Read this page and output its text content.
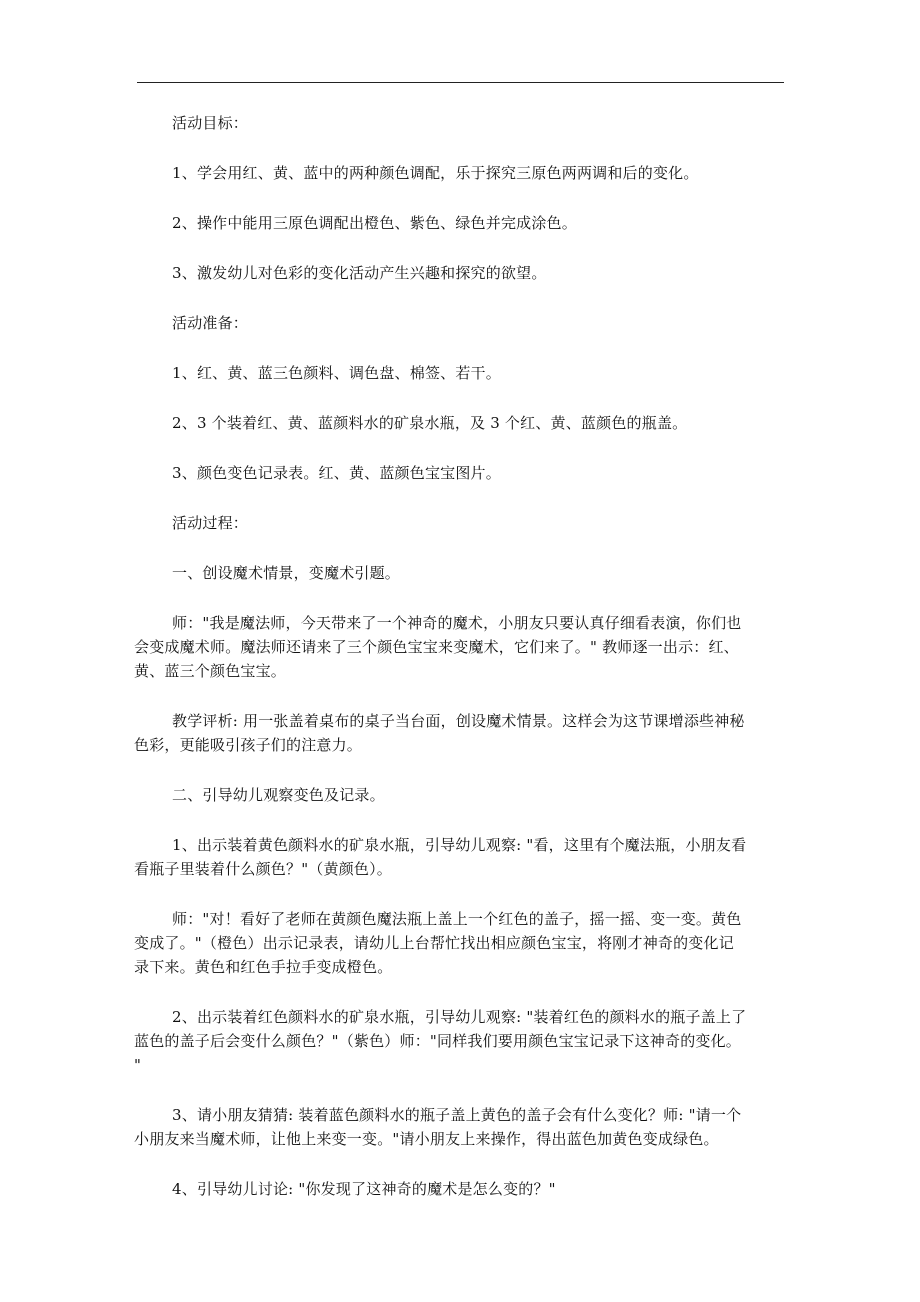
活动目标：

1、学会用红、黄、蓝中的两种颜色调配，乐于探究三原色两两调和后的变化。

2、操作中能用三原色调配出橙色、紫色、绿色并完成涂色。

3、激发幼儿对色彩的变化活动产生兴趣和探究的欲望。

活动准备：

1、红、黄、蓝三色颜料、调色盘、棉签、若干。

2、3 个装着红、黄、蓝颜料水的矿泉水瓶，及 3 个红、黄、蓝颜色的瓶盖。

3、颜色变色记录表。红、黄、蓝颜色宝宝图片。

活动过程：

一、创设魔术情景，变魔术引题。

师："我是魔法师，今天带来了一个神奇的魔术，小朋友只要认真仔细看表演，你们也

会变成魔术师。魔法师还请来了三个颜色宝宝来变魔术，它们来了。" 教师逐一出示：红、

黄、蓝三个颜色宝宝。

教学评析: 用一张盖着桌布的桌子当台面，创设魔术情景。这样会为这节课增添些神秘

色彩，更能吸引孩子们的注意力。

二、引导幼儿观察变色及记录。

1、出示装着黄色颜料水的矿泉水瓶，引导幼儿观察: "看，这里有个魔法瓶，小朋友看

看瓶子里装着什么颜色？"（黄颜色）。

师："对！看好了老师在黄颜色魔法瓶上盖上一个红色的盖子，摇一摇、变一变。黄色

变成了。"（橙色）出示记录表，请幼儿上台帮忙找出相应颜色宝宝，将刚才神奇的变化记

录下来。黄色和红色手拉手变成橙色。

2、出示装着红色颜料水的矿泉水瓶，引导幼儿观察: "装着红色的颜料水的瓶子盖上了

蓝色的盖子后会变什么颜色？"（紫色）师："同样我们要用颜色宝宝记录下这神奇的变化。

"

3、请小朋友猜猜: 装着蓝色颜料水的瓶子盖上黄色的盖子会有什么变化？师: "请一个

小朋友来当魔术师，让他上来变一变。"请小朋友上来操作，得出蓝色加黄色变成绿色。

4、引导幼儿讨论: "你发现了这神奇的魔术是怎么变的？"
